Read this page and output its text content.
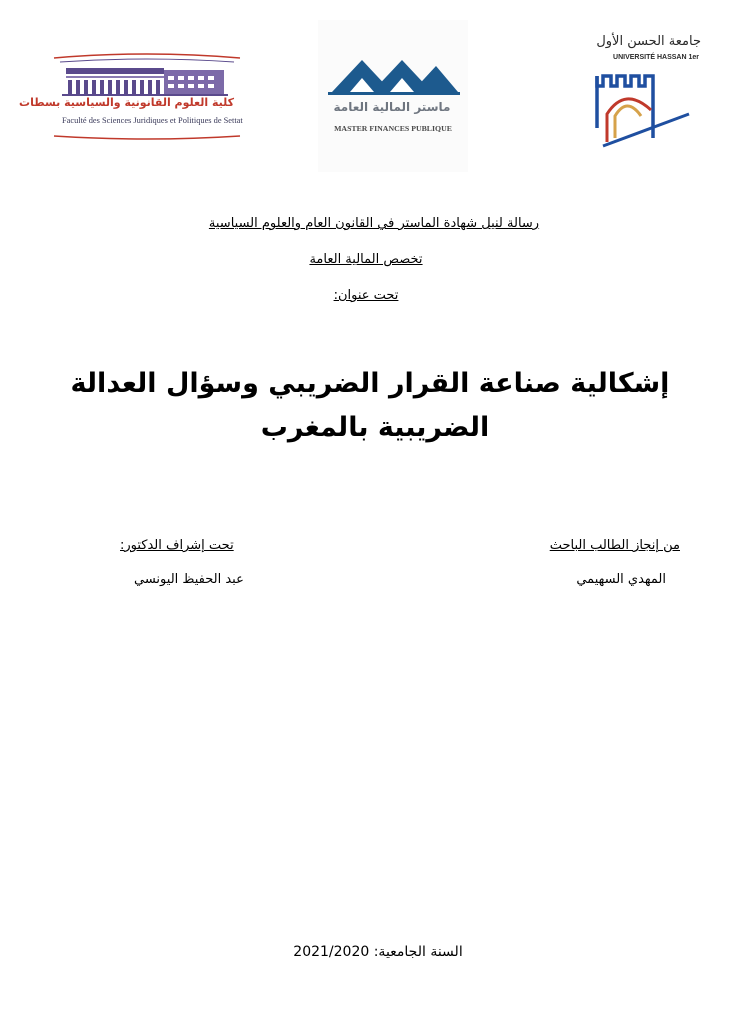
كلية العلوم القانونية والسياسية بسطات
Faculté des Sciences Juridiques et Politiques de Settat
ماستر المالية العامة
MASTER FINANCES PUBLIQUE
جامعة الحسن الأول
UNIVERSITÉ HASSAN 1er
رسالة لنيل شهادة الماستر في القانون العام والعلوم السياسية
تخصص المالية العامة
تحت عنوان:
إشكالية صناعة القرار الضريبي وسؤال العدالة
الضريبية بالمغرب
من إنجاز الطالب الباحث
المهدي السهيمي
تحت إشراف الدكتور:
عبد الحفيظ اليونسي
السنة الجامعية: 2021/2020
